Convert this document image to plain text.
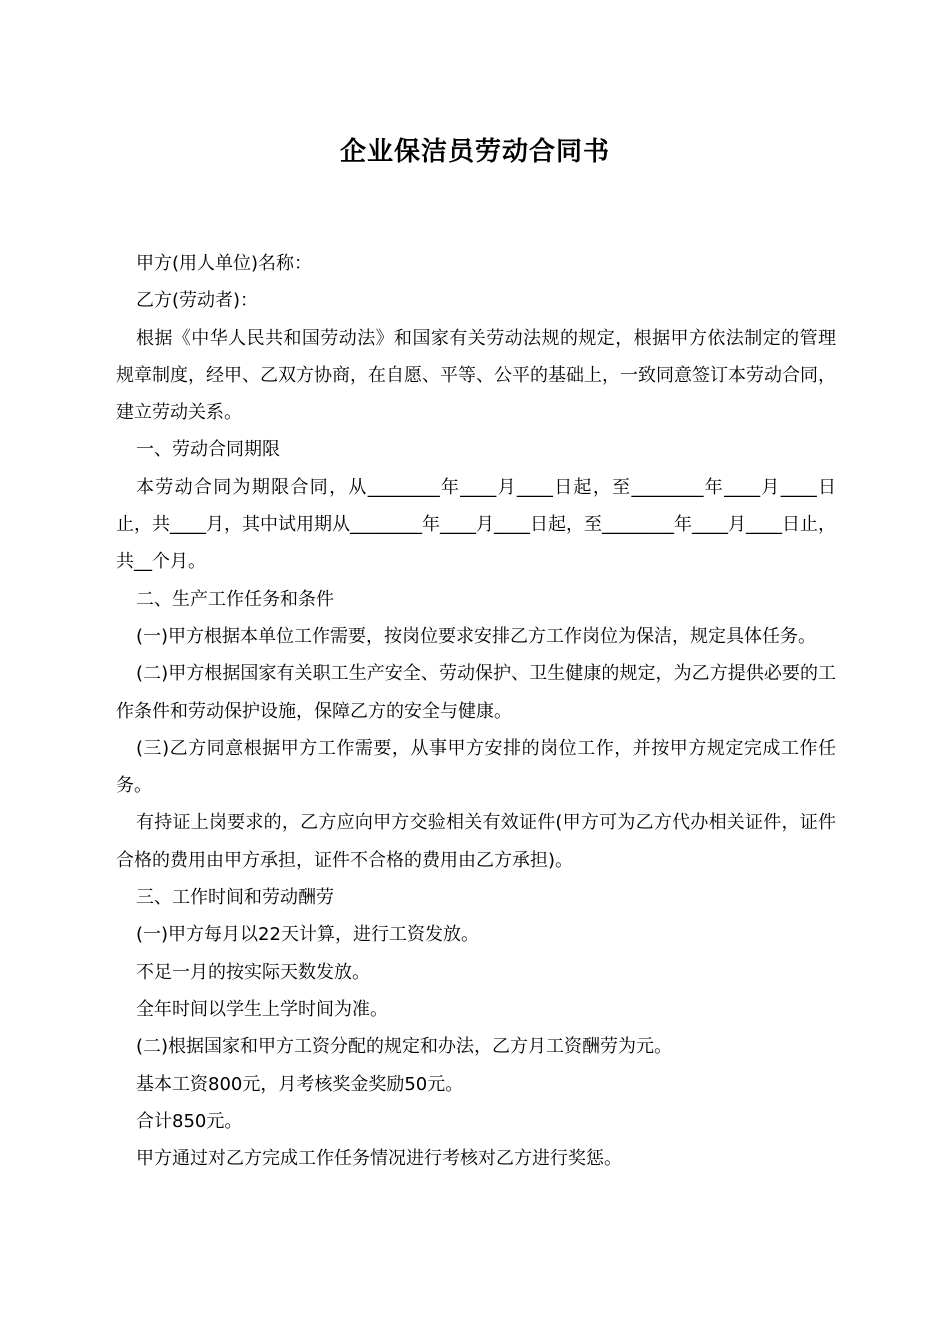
企业保洁员劳动合同书

甲方(用人单位)名称：

乙方(劳动者)：

根据《中华人民共和国劳动法》和国家有关劳动法规的规定，根据甲方依法制定的管理规章制度，经甲、乙双方协商，在自愿、平等、公平的基础上，一致同意签订本劳动合同，建立劳动关系。

一、劳动合同期限

本劳动合同为期限合同，从________年____月____日起，至________年____月____日止，共____月，其中试用期从________年____月____日起，至________年____月____日止，共__个月。

二、生产工作任务和条件

(一)甲方根据本单位工作需要，按岗位要求安排乙方工作岗位为保洁，规定具体任务。

(二)甲方根据国家有关职工生产安全、劳动保护、卫生健康的规定，为乙方提供必要的工作条件和劳动保护设施，保障乙方的安全与健康。

(三)乙方同意根据甲方工作需要，从事甲方安排的岗位工作，并按甲方规定完成工作任务。

有持证上岗要求的，乙方应向甲方交验相关有效证件(甲方可为乙方代办相关证件，证件合格的费用由甲方承担，证件不合格的费用由乙方承担)。

三、工作时间和劳动酬劳

(一)甲方每月以22天计算，进行工资发放。

不足一月的按实际天数发放。

全年时间以学生上学时间为准。

(二)根据国家和甲方工资分配的规定和办法，乙方月工资酬劳为元。

基本工资800元，月考核奖金奖励50元。

合计850元。

甲方通过对乙方完成工作任务情况进行考核对乙方进行奖惩。
